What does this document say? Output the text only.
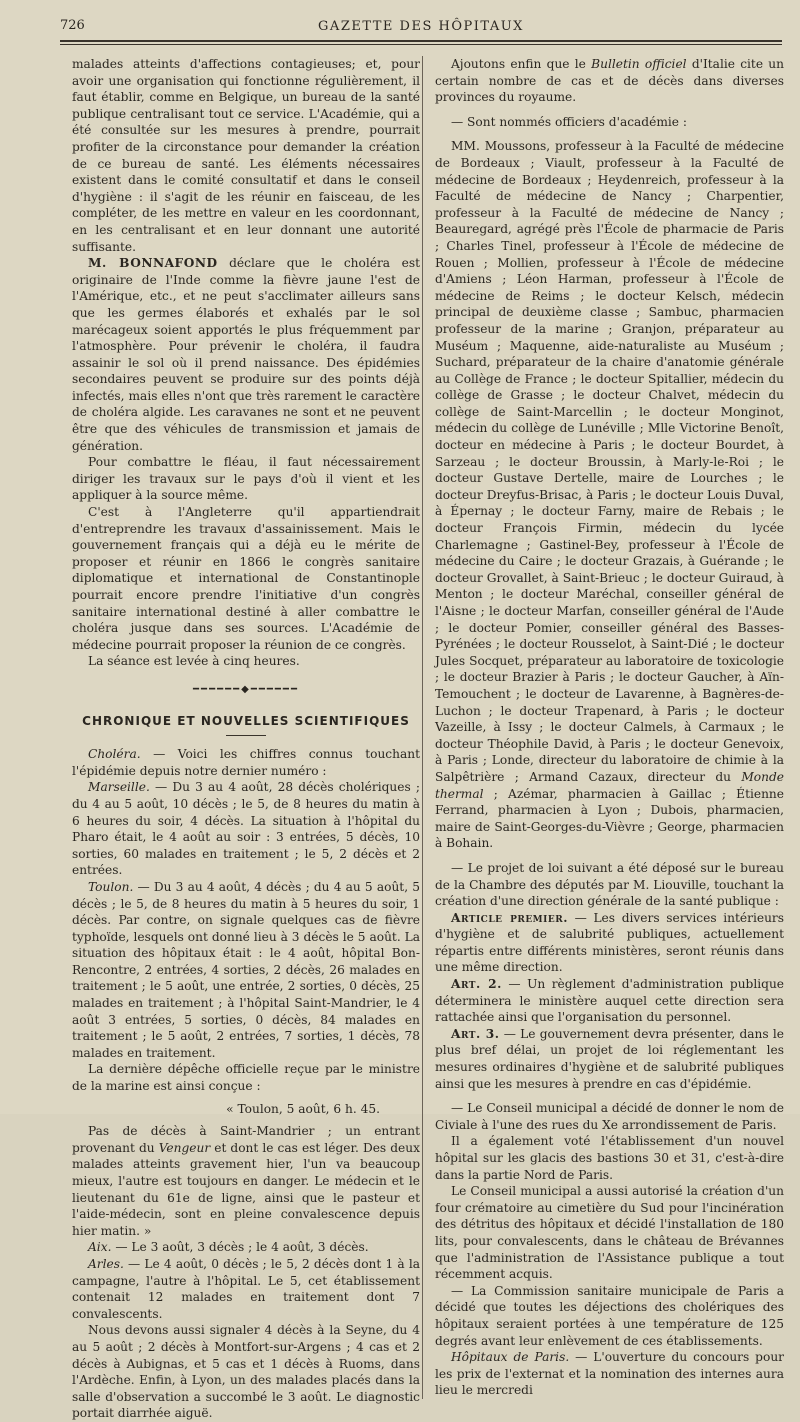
726	GAZETTE DES HÔPITAUX

malades atteints d'affections contagieuses; et, pour avoir une organisation qui fonctionne régulièrement, il faut établir, comme en Belgique, un bureau de la santé publique centralisant tout ce service. L'Académie, qui a été consultée sur les mesures à prendre, pourrait profiter de la circonstance pour demander la création de ce bureau de santé. Les éléments nécessaires existent dans le comité consultatif et dans le conseil d'hygiène : il s'agit de les réunir en faisceau, de les compléter, de les mettre en valeur en les coordonnant, en les centralisant et en leur donnant une autorité suffisante.

M. BONNAFOND déclare que le choléra est originaire de l'Inde comme la fièvre jaune l'est de l'Amérique, etc., et ne peut s'acclimater ailleurs sans que les germes élaborés et exhalés par le sol marécageux soient apportés le plus fréquemment par l'atmosphère. Pour prévenir le choléra, il faudra assainir le sol où il prend naissance. Des épidémies secondaires peuvent se produire sur des points déjà infectés, mais elles n'ont que très rarement le caractère de choléra algide. Les caravanes ne sont et ne peuvent être que des véhicules de transmission et jamais de génération.

Pour combattre le fléau, il faut nécessairement diriger les travaux sur le pays d'où il vient et les appliquer à la source même.

C'est à l'Angleterre qu'il appartiendrait d'entreprendre les travaux d'assainissement. Mais le gouvernement français qui a déjà eu le mérite de proposer et réunir en 1866 le congrès sanitaire diplomatique et international de Constantinople pourrait encore prendre l'initiative d'un congrès sanitaire international destiné à aller combattre le choléra jusque dans ses sources. L'Académie de médecine pourrait proposer la réunion de ce congrès.

La séance est levée à cinq heures.

━━━━━━◆━━━━━━
CHRONIQUE ET NOUVELLES SCIENTIFIQUES

Choléra. — Voici les chiffres connus touchant l'épidémie depuis notre dernier numéro :

Marseille. — Du 3 au 4 août, 28 décès cholériques ; du 4 au 5 août, 10 décès ; le 5, de 8 heures du matin à 6 heures du soir, 4 décès. La situation à l'hôpital du Pharo était, le 4 août au soir : 3 entrées, 5 décès, 10 sorties, 60 malades en traitement ; le 5, 2 décès et 2 entrées.

Toulon. — Du 3 au 4 août, 4 décès ; du 4 au 5 août, 5 décès ; le 5, de 8 heures du matin à 5 heures du soir, 1 décès. Par contre, on signale quelques cas de fièvre typhoïde, lesquels ont donné lieu à 3 décès le 5 août. La situation des hôpitaux était : le 4 août, hôpital Bon-Rencontre, 2 entrées, 4 sorties, 2 décès, 26 malades en traitement ; le 5 août, une entrée, 2 sorties, 0 décès, 25 malades en traitement ; à l'hôpital Saint-Mandrier, le 4 août 3 entrées, 5 sorties, 0 décès, 84 malades en traitement ; le 5 août, 2 entrées, 7 sorties, 1 décès, 78 malades en traitement.

La dernière dépêche officielle reçue par le ministre de la marine est ainsi conçue :

« Toulon, 5 août, 6 h. 45.

Pas de décès à Saint-Mandrier ; un entrant provenant du Vengeur et dont le cas est léger. Des deux malades atteints gravement hier, l'un va beaucoup mieux, l'autre est toujours en danger. Le médecin et le lieutenant du 61e de ligne, ainsi que le pasteur et l'aide-médecin, sont en pleine convalescence depuis hier matin. »

Aix. — Le 3 août, 3 décès ; le 4 août, 3 décès.

Arles. — Le 4 août, 0 décès ; le 5, 2 décès dont 1 à la campagne, l'autre à l'hôpital. Le 5, cet établissement contenait 12 malades en traitement dont 7 convalescents.

Nous devons aussi signaler 4 décès à la Seyne, du 4 au 5 août ; 2 décès à Montfort-sur-Argens ; 4 cas et 2 décès à Aubignas, et 5 cas et 1 décès à Ruoms, dans l'Ardèche. Enfin, à Lyon, un des malades placés dans la salle d'observation a succombé le 3 août. Le diagnostic portait diarrhée aiguë.

Ajoutons enfin que le Bulletin officiel d'Italie cite un certain nombre de cas et de décès dans diverses provinces du royaume.

— Sont nommés officiers d'académie :

MM. Moussons, professeur à la Faculté de médecine de Bordeaux ; Viault, professeur à la Faculté de médecine de Bordeaux ; Heydenreich, professeur à la Faculté de médecine de Nancy ; Charpentier, professeur à la Faculté de médecine de Nancy ; Beauregard, agrégé près l'École de pharmacie de Paris ; Charles Tinel, professeur à l'École de médecine de Rouen ; Mollien, professeur à l'École de médecine d'Amiens ; Léon Harman, professeur à l'École de médecine de Reims ; le docteur Kelsch, médecin principal de deuxième classe ; Sambuc, pharmacien professeur de la marine ; Granjon, préparateur au Muséum ; Maquenne, aide-naturaliste au Muséum ; Suchard, préparateur de la chaire d'anatomie générale au Collège de France ; le docteur Spitallier, médecin du collège de Grasse ; le docteur Chalvet, médecin du collège de Saint-Marcellin ; le docteur Monginot, médecin du collège de Lunéville ; Mlle Victorine Benoît, docteur en médecine à Paris ; le docteur Bourdet, à Sarzeau ; le docteur Broussin, à Marly-le-Roi ; le docteur Gustave Dertelle, maire de Lourches ; le docteur Dreyfus-Brisac, à Paris ; le docteur Louis Duval, à Épernay ; le docteur Farny, maire de Rebais ; le docteur François Firmin, médecin du lycée Charlemagne ; Gastinel-Bey, professeur à l'École de médecine du Caire ; le docteur Grazais, à Guérande ; le docteur Grovallet, à Saint-Brieuc ; le docteur Guiraud, à Menton ; le docteur Maréchal, conseiller général de l'Aisne ; le docteur Marfan, conseiller général de l'Aude ; le docteur Pomier, conseiller général des Basses-Pyrénées ; le docteur Rousselot, à Saint-Dié ; le docteur Jules Socquet, préparateur au laboratoire de toxicologie ; le docteur Brazier à Paris ; le docteur Gaucher, à Aïn-Temouchent ; le docteur de Lavarenne, à Bagnères-de-Luchon ; le docteur Trapenard, à Paris ; le docteur Vazeille, à Issy ; le docteur Calmels, à Carmaux ; le docteur Théophile David, à Paris ; le docteur Genevoix, à Paris ; Londe, directeur du laboratoire de chimie à la Salpêtrière ; Armand Cazaux, directeur du Monde thermal ; Azémar, pharmacien à Gaillac ; Étienne Ferrand, pharmacien à Lyon ; Dubois, pharmacien, maire de Saint-Georges-du-Vièvre ; George, pharmacien à Bohain.

— Le projet de loi suivant a été déposé sur le bureau de la Chambre des députés par M. Liouville, touchant la création d'une direction générale de la santé publique :

Article premier. — Les divers services intérieurs d'hygiène et de salubrité publiques, actuellement répartis entre différents ministères, seront réunis dans une même direction.

Art. 2. — Un règlement d'administration publique déterminera le ministère auquel cette direction sera rattachée ainsi que l'organisation du personnel.

Art. 3. — Le gouvernement devra présenter, dans le plus bref délai, un projet de loi réglementant les mesures ordinaires d'hygiène et de salubrité publiques ainsi que les mesures à prendre en cas d'épidémie.

— Le Conseil municipal a décidé de donner le nom de Civiale à l'une des rues du Xe arrondissement de Paris.

Il a également voté l'établissement d'un nouvel hôpital sur les glacis des bastions 30 et 31, c'est-à-dire dans la partie Nord de Paris.

Le Conseil municipal a aussi autorisé la création d'un four crématoire au cimetière du Sud pour l'incinération des détritus des hôpitaux et décidé l'installation de 180 lits, pour convalescents, dans le château de Brévannes que l'administration de l'Assistance publique a tout récemment acquis.

— La Commission sanitaire municipale de Paris a décidé que toutes les déjections des cholériques des hôpitaux seraient portées à une température de 125 degrés avant leur enlèvement de ces établissements.

Hôpitaux de Paris. — L'ouverture du concours pour les prix de l'externat et la nomination des internes aura lieu le mercredi
